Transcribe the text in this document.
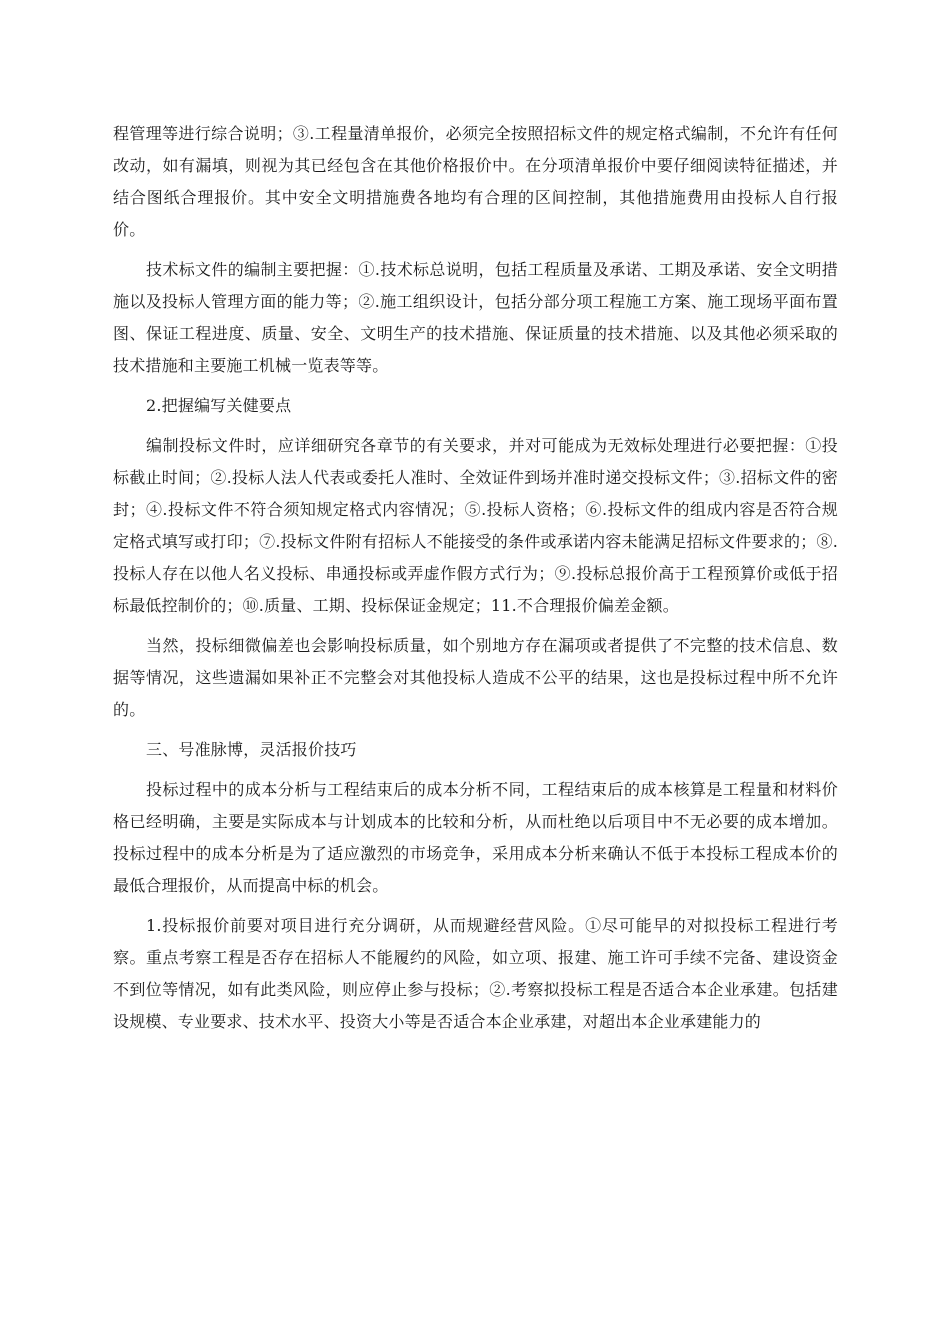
程管理等进行综合说明；③.工程量清单报价，必须完全按照招标文件的规定格式编制，不允许有任何改动，如有漏填，则视为其已经包含在其他价格报价中。在分项清单报价中要仔细阅读特征描述，并结合图纸合理报价。其中安全文明措施费各地均有合理的区间控制，其他措施费用由投标人自行报价。

技术标文件的编制主要把握：①.技术标总说明，包括工程质量及承诺、工期及承诺、安全文明措施以及投标人管理方面的能力等；②.施工组织设计，包括分部分项工程施工方案、施工现场平面布置图、保证工程进度、质量、安全、文明生产的技术措施、保证质量的技术措施、以及其他必须采取的技术措施和主要施工机械一览表等等。

2.把握编写关健要点

编制投标文件时，应详细研究各章节的有关要求，并对可能成为无效标处理进行必要把握：①投标截止时间；②.投标人法人代表或委托人准时、全效证件到场并准时递交投标文件；③.招标文件的密封；④.投标文件不符合须知规定格式内容情况；⑤.投标人资格；⑥.投标文件的组成内容是否符合规定格式填写或打印；⑦.投标文件附有招标人不能接受的条件或承诺内容未能满足招标文件要求的；⑧.投标人存在以他人名义投标、串通投标或弄虚作假方式行为；⑨.投标总报价高于工程预算价或低于招标最低控制价的；⑩.质量、工期、投标保证金规定；11.不合理报价偏差金额。

当然，投标细微偏差也会影响投标质量，如个别地方存在漏项或者提供了不完整的技术信息、数据等情况，这些遗漏如果补正不完整会对其他投标人造成不公平的结果，这也是投标过程中所不允许的。

三、号准脉博，灵活报价技巧

投标过程中的成本分析与工程结束后的成本分析不同，工程结束后的成本核算是工程量和材料价格已经明确，主要是实际成本与计划成本的比较和分析，从而杜绝以后项目中不无必要的成本增加。投标过程中的成本分析是为了适应激烈的市场竞争，采用成本分析来确认不低于本投标工程成本价的最低合理报价，从而提高中标的机会。

1.投标报价前要对项目进行充分调研，从而规避经营风险。①尽可能早的对拟投标工程进行考察。重点考察工程是否存在招标人不能履约的风险，如立项、报建、施工许可手续不完备、建设资金不到位等情况，如有此类风险，则应停止参与投标；②.考察拟投标工程是否适合本企业承建。包括建设规模、专业要求、技术水平、投资大小等是否适合本企业承建，对超出本企业承建能力的
